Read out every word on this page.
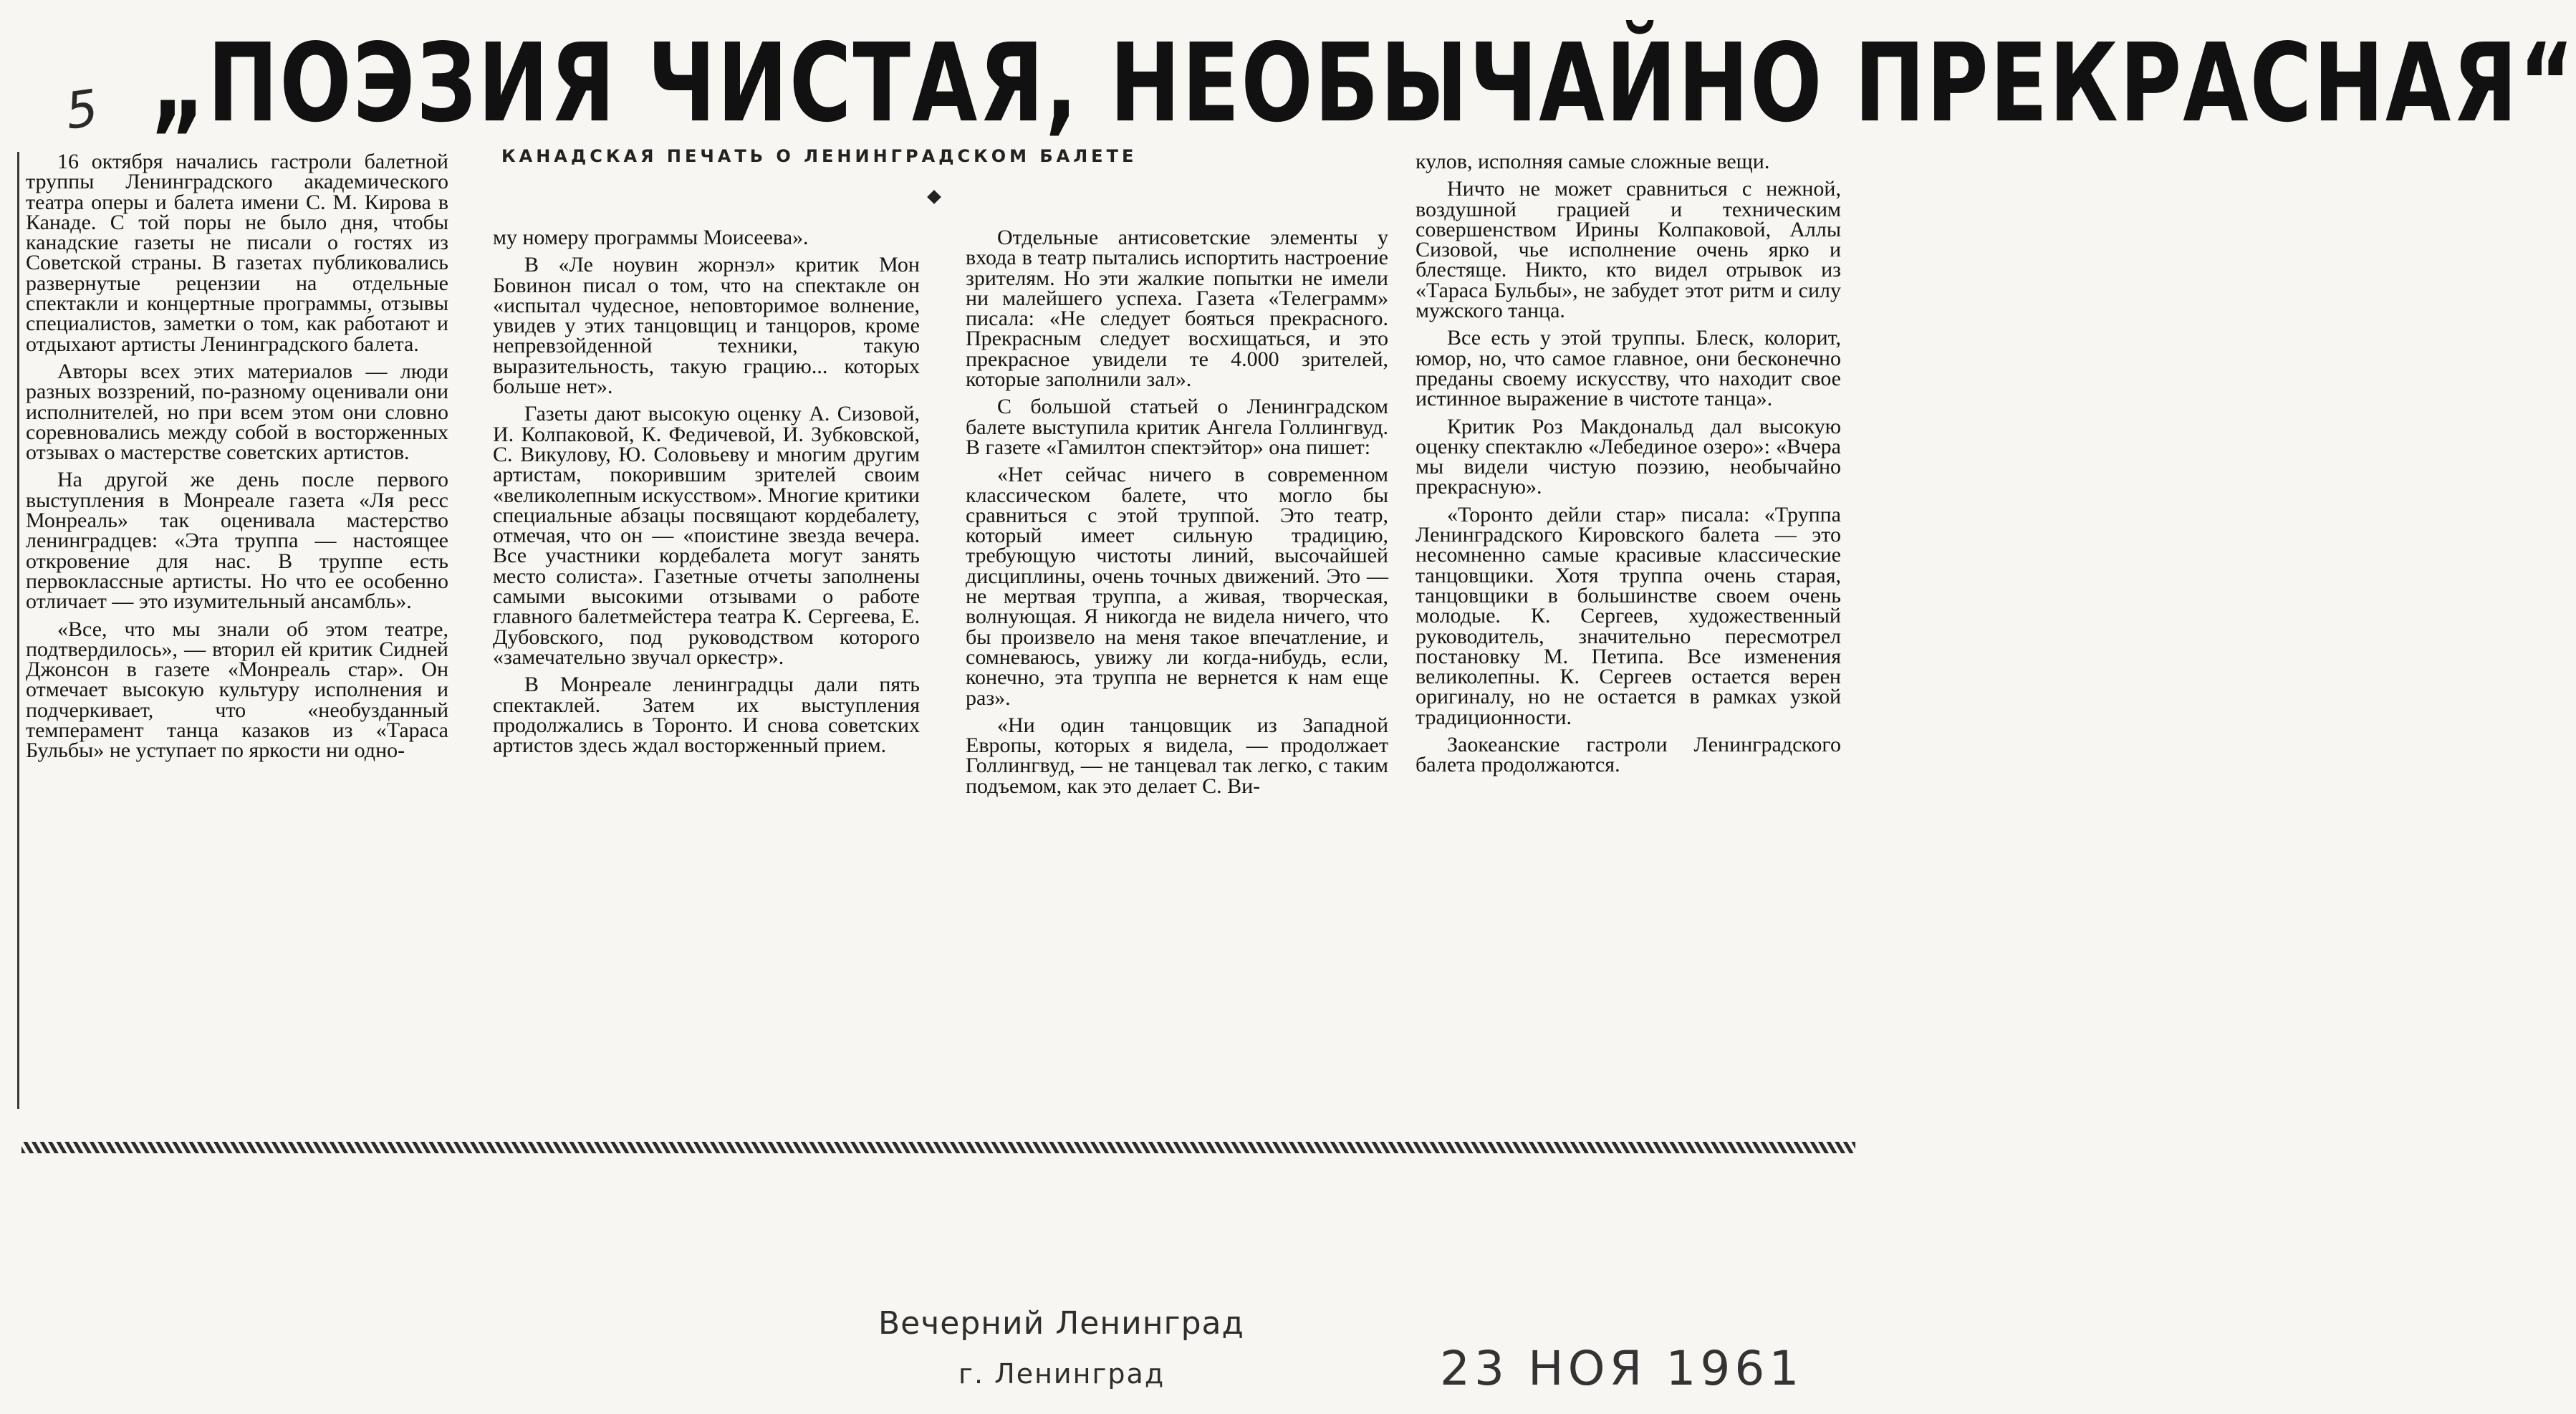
5 „ПОЭЗИЯ ЧИСТАЯ, НЕОБЫЧАЙНО ПРЕКРАСНАЯ“
КАНАДСКАЯ ПЕЧАТЬ О ЛЕНИНГРАДСКОМ БАЛЕТЕ

16 октября начались гастроли балетной труппы Ленинградского академического театра оперы и балета имени С. М. Кирова в Канаде. С той поры не было дня, чтобы канадские газеты не писали о гостях из Советской страны. В газетах публиковались развернутые рецензии на отдельные спектакли и концертные программы, отзывы специалистов, заметки о том, как работают и отдыхают артисты Ленинградского балета.

Авторы всех этих материалов — люди разных воззрений, по-разному оценивали они исполнителей, но при всем этом они словно соревновались между собой в восторженных отзывах о мастерстве советских артистов.

На другой же день после первого выступления в Монреале газета «Ля ресс Монреаль» так оценивала мастерство ленинградцев: «Эта труппа — настоящее откровение для нас. В труппе есть первоклассные артисты. Но что ее особенно отличает — это изумительный ансамбль».

«Все, что мы знали об этом театре, подтвердилось», — вторил ей критик Сидней Джонсон в газете «Монреаль стар». Он отмечает высокую культуру исполнения и подчеркивает, что «необузданный темперамент танца казаков из «Тараса Бульбы» не уступает по яркости ни одно-

му номеру программы Моисеева».

В «Ле ноувин жорнэл» критик Мон Бовинон писал о том, что на спектакле он «испытал чудесное, неповторимое волнение, увидев у этих танцовщиц и танцоров, кроме непревзойденной техники, такую выразительность, такую грацию... которых больше нет».

Газеты дают высокую оценку А. Сизовой, И. Колпаковой, К. Федичевой, И. Зубковской, С. Викулову, Ю. Соловьеву и многим другим артистам, покорившим зрителей своим «великолепным искусством». Многие критики специальные абзацы посвящают кордебалету, отмечая, что он — «поистине звезда вечера. Все участники кордебалета могут занять место солиста». Газетные отчеты заполнены самыми высокими отзывами о работе главного балетмейстера театра К. Сергеева, Е. Дубовского, под руководством которого «замечательно звучал оркестр».

В Монреале ленинградцы дали пять спектаклей. Затем их выступления продолжались в Торонто. И снова советских артистов здесь ждал восторженный прием.

Отдельные антисоветские элементы у входа в театр пытались испортить настроение зрителям. Но эти жалкие попытки не имели ни малейшего успеха. Газета «Телеграмм» писала: «Не следует бояться прекрасного. Прекрасным следует восхищаться, и это прекрасное увидели те 4.000 зрителей, которые заполнили зал».

С большой статьей о Ленинградском балете выступила критик Ангела Голлингвуд. В газете «Гамилтон спектэйтор» она пишет:

«Нет сейчас ничего в современном классическом балете, что могло бы сравниться с этой труппой. Это театр, который имеет сильную традицию, требующую чистоты линий, высочайшей дисциплины, очень точных движений. Это — не мертвая труппа, а живая, творческая, волнующая. Я никогда не видела ничего, что бы произвело на меня такое впечатление, и сомневаюсь, увижу ли когда-нибудь, если, конечно, эта труппа не вернется к нам еще раз».

«Ни один танцовщик из Западной Европы, которых я видела, — продолжает Голлингвуд, — не танцевал так легко, с таким подъемом, как это делает С. Ви-

кулов, исполняя самые сложные вещи.

Ничто не может сравниться с нежной, воздушной грацией и техническим совершенством Ирины Колпаковой, Аллы Сизовой, чье исполнение очень ярко и блестяще. Никто, кто видел отрывок из «Тараса Бульбы», не забудет этот ритм и силу мужского танца.

Все есть у этой труппы. Блеск, колорит, юмор, но, что самое главное, они бесконечно преданы своему искусству, что находит свое истинное выражение в чистоте танца».

Критик Роз Макдональд дал высокую оценку спектаклю «Лебединое озеро»: «Вчера мы видели чистую поэзию, необычайно прекрасную».

«Торонто дейли стар» писала: «Труппа Ленинградского Кировского балета — это несомненно самые красивые классические танцовщики. Хотя труппа очень старая, танцовщики в большинстве своем очень молодые. К. Сергеев, художественный руководитель, значительно пересмотрел постановку М. Петипа. Все изменения великолепны. К. Сергеев остается верен оригиналу, но не остается в рамках узкой традиционности.

Заокеанские гастроли Ленинградского балета продолжаются.

Вечерний Ленинград
г. Ленинград	23 НОЯ 1961
